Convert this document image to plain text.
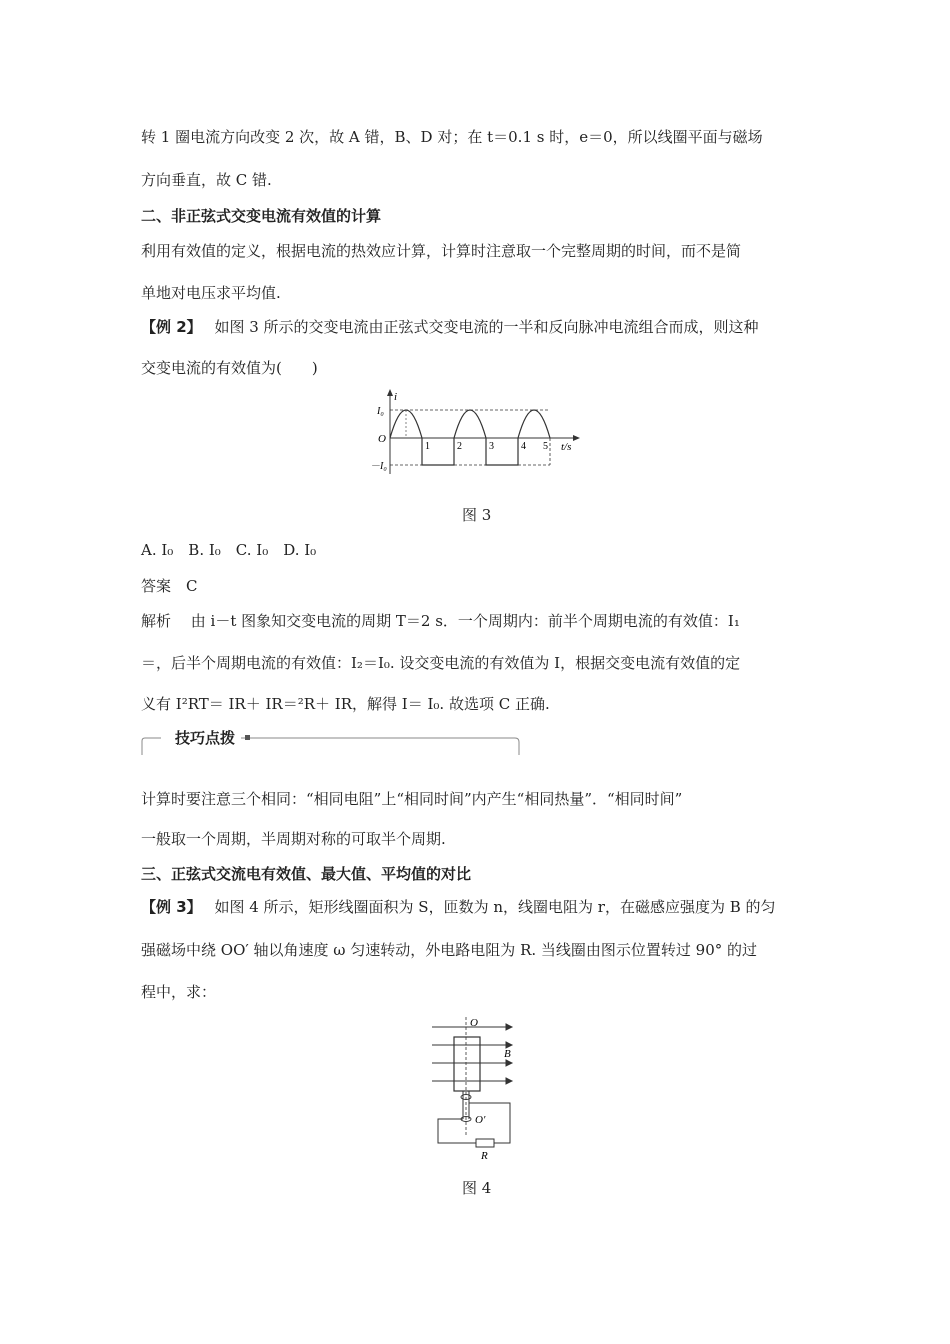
转 1 圈电流方向改变 2 次，故 A 错，B、D 对；在 t＝0.1 s 时，e＝0，所以线圈平面与磁场
方向垂直，故 C 错.
二、非正弦式交变电流有效值的计算
利用有效值的定义，根据电流的热效应计算，计算时注意取一个完整周期的时间，而不是简
单地对电压求平均值.
【例 2】 如图 3 所示的交变电流由正弦式交变电流的一半和反向脉冲电流组合而成，则这种
交变电流的有效值为(　　)
i
t/s
O
I₀
－I₀
1	2	3	4 5
图 3
A. I₀　B. I₀　C. I₀　D. I₀
答案　C
解析　 由 i－t 图象知交变电流的周期 T＝2 s．一个周期内：前半个周期电流的有效值：I₁
＝，后半个周期电流的有效值：I₂＝I₀. 设交变电流的有效值为 I，根据交变电流有效值的定
义有 I²RT＝ IR＋ IR＝²R＋ IR，解得 I＝ I₀. 故选项 C 正确.
技巧点拨
计算时要注意三个相同：“相同电阻”上“相同时间”内产生“相同热量”．“相同时间”
一般取一个周期，半周期对称的可取半个周期.
三、正弦式交流电有效值、最大值、平均值的对比
【例 3】 如图 4 所示，矩形线圈面积为 S，匝数为 n，线圈电阻为 r，在磁感应强度为 B 的匀
强磁场中绕 OO′ 轴以角速度 ω 匀速转动，外电路电阻为 R. 当线圈由图示位置转过 90° 的过
程中，求：
O
O′
B
R
图 4
